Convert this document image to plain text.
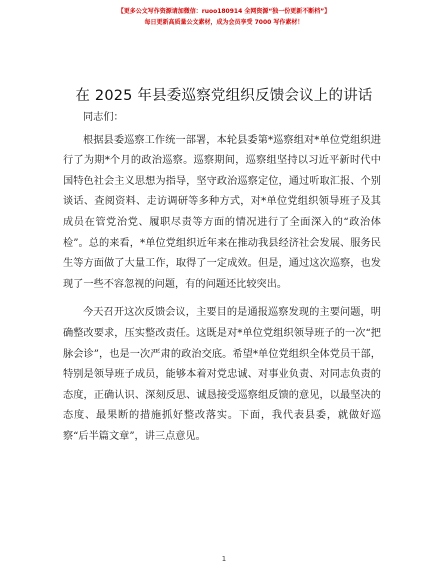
【更多公文写作资源请加微信：ruoo180914 全网资源“独一份更新不断档”】
每日更新高质量公文素材，成为会员享受 7000 写作素材！
在 2025 年县委巡察党组织反馈会议上的讲话

同志们：

根据县委巡察工作统一部署，本轮县委第*巡察组对*单位党组织进行了为期*个月的政治巡察。巡察期间，巡察组坚持以习近平新时代中国特色社会主义思想为指导，坚守政治巡察定位，通过听取汇报、个别谈话、查阅资料、走访调研等多种方式，对*单位党组织领导班子及其成员在管党治党、履职尽责等方面的情况进行了全面深入的“政治体检”。总的来看，*单位党组织近年来在推动我县经济社会发展、服务民生等方面做了大量工作，取得了一定成效。但是，通过这次巡察，也发现了一些不容忽视的问题，有的问题还比较突出。

今天召开这次反馈会议，主要目的是通报巡察发现的主要问题，明确整改要求，压实整改责任。这既是对*单位党组织领导班子的一次“把脉会诊”，也是一次严肃的政治交底。希望*单位党组织全体党员干部，特别是领导班子成员，能够本着对党忠诚、对事业负责、对同志负责的态度，正确认识、深刻反思、诚恳接受巡察组反馈的意见，以最坚决的态度、最果断的措施抓好整改落实。下面，我代表县委，就做好巡察“后半篇文章”，讲三点意见。

1
